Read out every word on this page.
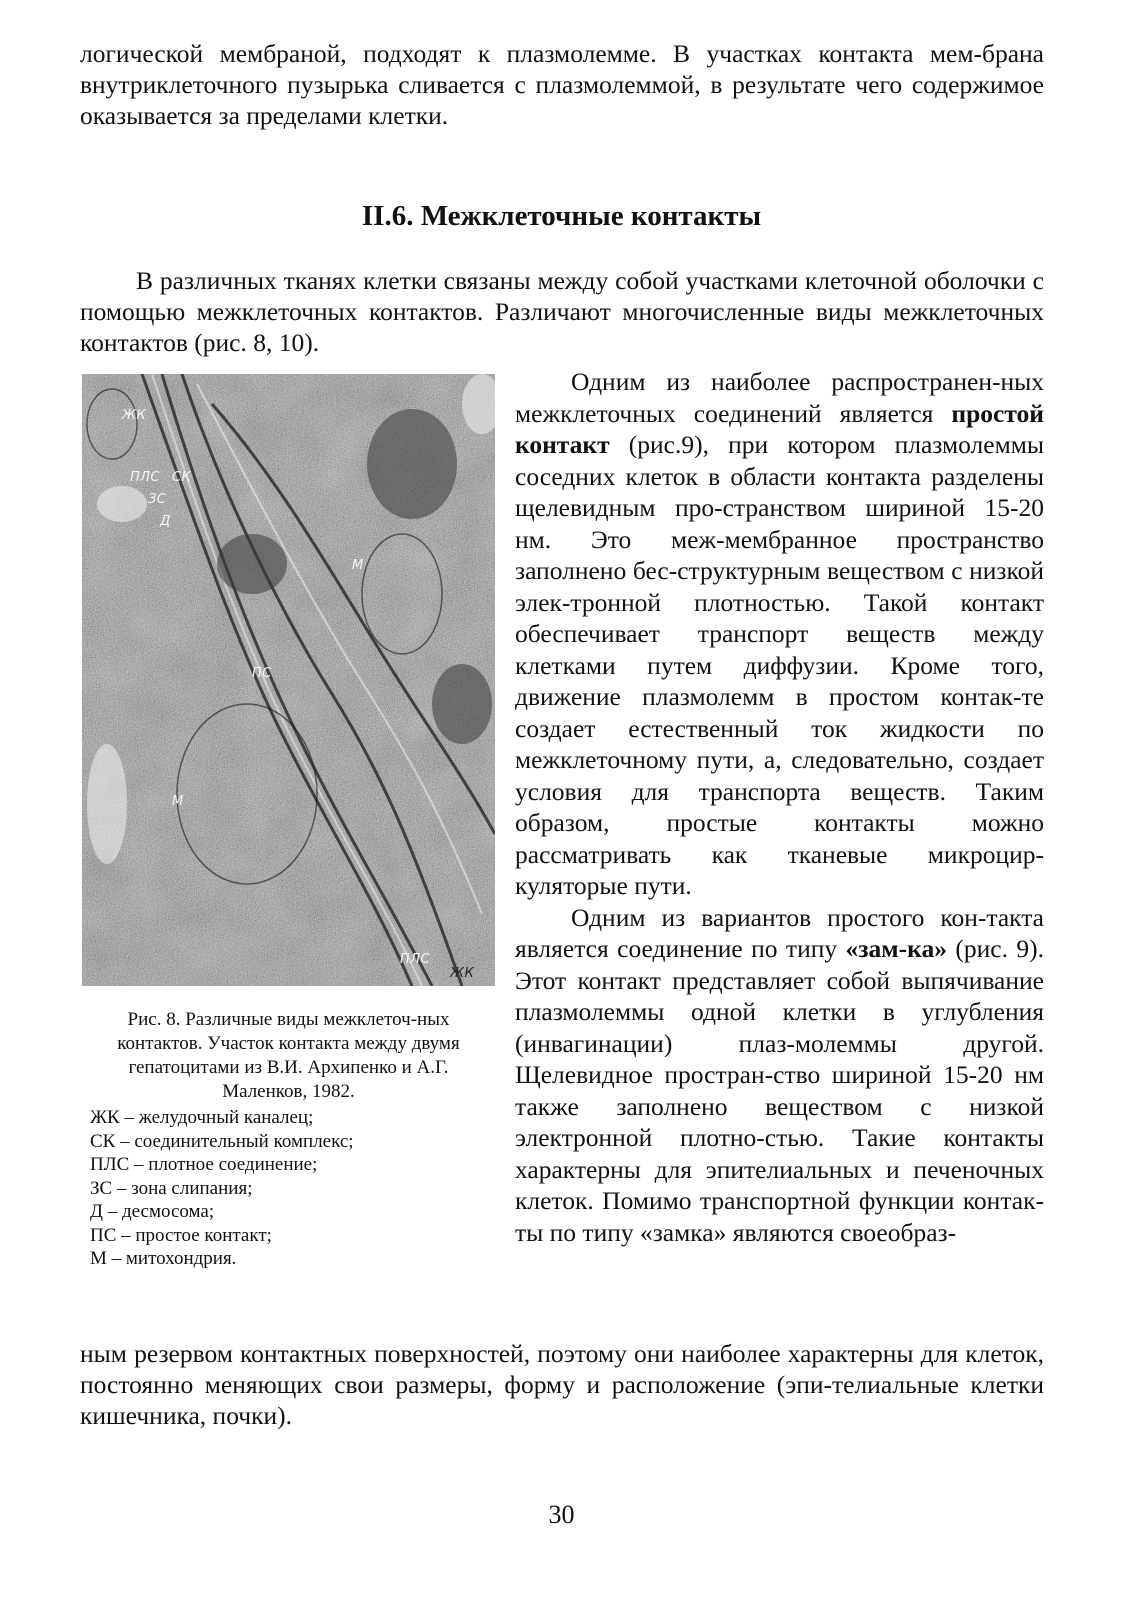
логической мембраной, подходят к плазмолемме. В участках контакта мем-брана внутриклеточного пузырька сливается с плазмолеммой, в результате чего содержимое оказывается за пределами клетки.
II.6. Межклеточные контакты
В различных тканях клетки связаны между собой участками клеточной оболочки с помощью межклеточных контактов. Различают многочисленные виды межклеточных контактов (рис. 8, 10).
ЖК
ПЛС СК
ЗС
Д
М
ПС
М
ПЛС
ЖК
Рис. 8. Различные виды межклеточ-ных контактов. Участок контакта между двумя гепатоцитами из В.И. Архипенко и А.Г. Маленков, 1982.
ЖК – желудочный каналец;
СК – соединительный комплекс;
ПЛС – плотное соединение;
ЗС – зона слипания;
Д – десмосома;
ПС – простое контакт;
М – митохондрия.

Одним из наиболее распространен-ных межклеточных соединений является простой контакт (рис.9), при котором плазмолеммы соседних клеток в области контакта разделены щелевидным про-странством шириной 15-20 нм. Это меж-мембранное пространство заполнено бес-структурным веществом с низкой элек-тронной плотностью. Такой контакт обеспечивает транспорт веществ между клетками путем диффузии. Кроме того, движение плазмолемм в простом контак-те создает естественный ток жидкости по межклеточному пути, а, следовательно, создает условия для транспорта веществ. Таким образом, простые контакты можно рассматривать как тканевые микроцир-куляторые пути.

Одним из вариантов простого кон-такта является соединение по типу «зам-ка» (рис. 9). Этот контакт представляет собой выпячивание плазмолеммы одной клетки в углубления (инвагинации) плаз-молеммы другой. Щелевидное простран-ство шириной 15-20 нм также заполнено веществом с низкой электронной плотно-стью. Такие контакты характерны для эпителиальных и печеночных клеток. Помимо транспортной функции контак-ты по типу «замка» являются своеобраз-

ным резервом контактных поверхностей, поэтому они наиболее характерны для клеток, постоянно меняющих свои размеры, форму и расположение (эпи-телиальные клетки кишечника, почки).
30
